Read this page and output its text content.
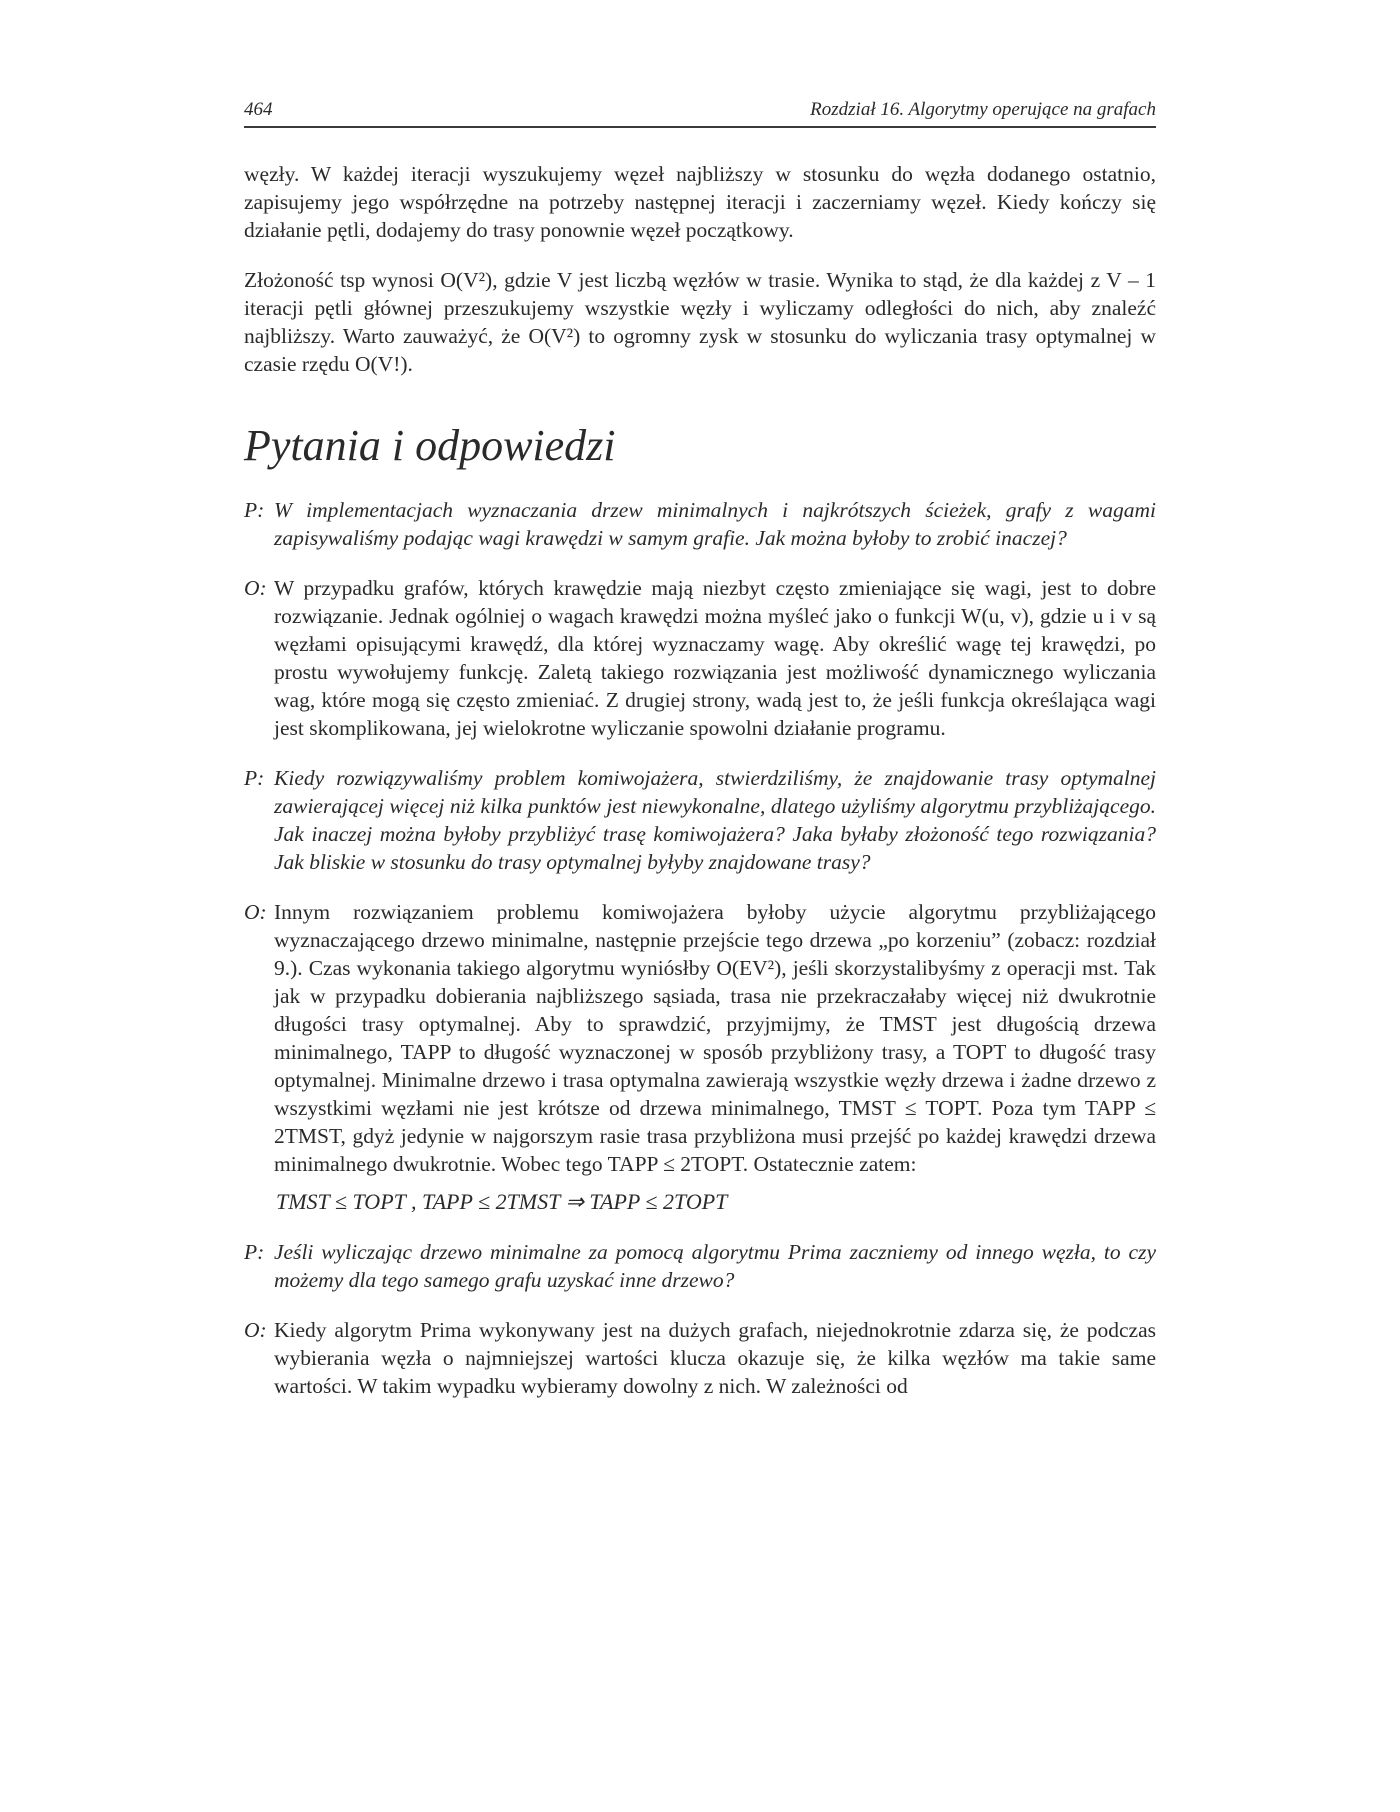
464	Rozdział 16. Algorytmy operujące na grafach

węzły. W każdej iteracji wyszukujemy węzeł najbliższy w stosunku do węzła dodanego ostatnio, zapisujemy jego współrzędne na potrzeby następnej iteracji i zaczerniamy węzeł. Kiedy kończy się działanie pętli, dodajemy do trasy ponownie węzeł początkowy.

Złożoność tsp wynosi O(V²), gdzie V jest liczbą węzłów w trasie. Wynika to stąd, że dla każdej z V – 1 iteracji pętli głównej przeszukujemy wszystkie węzły i wyliczamy odległości do nich, aby znaleźć najbliższy. Warto zauważyć, że O(V²) to ogromny zysk w stosunku do wyliczania trasy optymalnej w czasie rzędu O(V!).

Pytania i odpowiedzi
P: W implementacjach wyznaczania drzew minimalnych i najkrótszych ścieżek, grafy z wagami zapisywaliśmy podając wagi krawędzi w samym grafie. Jak można byłoby to zrobić inaczej?
O: W przypadku grafów, których krawędzie mają niezbyt często zmieniające się wagi, jest to dobre rozwiązanie. Jednak ogólniej o wagach krawędzi można myśleć jako o funkcji W(u, v), gdzie u i v są węzłami opisującymi krawędź, dla której wyznaczamy wagę. Aby określić wagę tej krawędzi, po prostu wywołujemy funkcję. Zaletą takiego rozwiązania jest możliwość dynamicznego wyliczania wag, które mogą się często zmieniać. Z drugiej strony, wadą jest to, że jeśli funkcja określająca wagi jest skomplikowana, jej wielokrotne wyliczanie spowolni działanie programu.
P: Kiedy rozwiązywaliśmy problem komiwojażera, stwierdziliśmy, że znajdowanie trasy optymalnej zawierającej więcej niż kilka punktów jest niewykonalne, dlatego użyliśmy algorytmu przybliżającego. Jak inaczej można byłoby przybliżyć trasę komiwojażera? Jaka byłaby złożoność tego rozwiązania? Jak bliskie w stosunku do trasy optymalnej byłyby znajdowane trasy?
O: Innym rozwiązaniem problemu komiwojażera byłoby użycie algorytmu przybliżającego wyznaczającego drzewo minimalne, następnie przejście tego drzewa „po korzeniu” (zobacz: rozdział 9.). Czas wykonania takiego algorytmu wyniósłby O(EV²), jeśli skorzystalibyśmy z operacji mst. Tak jak w przypadku dobierania najbliższego sąsiada, trasa nie przekraczałaby więcej niż dwukrotnie długości trasy optymalnej. Aby to sprawdzić, przyjmijmy, że TMST jest długością drzewa minimalnego, TAPP to długość wyznaczonej w sposób przybliżony trasy, a TOPT to długość trasy optymalnej. Minimalne drzewo i trasa optymalna zawierają wszystkie węzły drzewa i żadne drzewo z wszystkimi węzłami nie jest krótsze od drzewa minimalnego, TMST ≤ TOPT. Poza tym TAPP ≤ 2TMST, gdyż jedynie w najgorszym rasie trasa przybliżona musi przejść po każdej krawędzi drzewa minimalnego dwukrotnie. Wobec tego TAPP ≤ 2TOPT. Ostatecznie zatem:
TMST ≤ TOPT , TAPP ≤ 2TMST ⇒ TAPP ≤ 2TOPT
P: Jeśli wyliczając drzewo minimalne za pomocą algorytmu Prima zaczniemy od innego węzła, to czy możemy dla tego samego grafu uzyskać inne drzewo?
O: Kiedy algorytm Prima wykonywany jest na dużych grafach, niejednokrotnie zdarza się, że podczas wybierania węzła o najmniejszej wartości klucza okazuje się, że kilka węzłów ma takie same wartości. W takim wypadku wybieramy dowolny z nich. W zależności od
